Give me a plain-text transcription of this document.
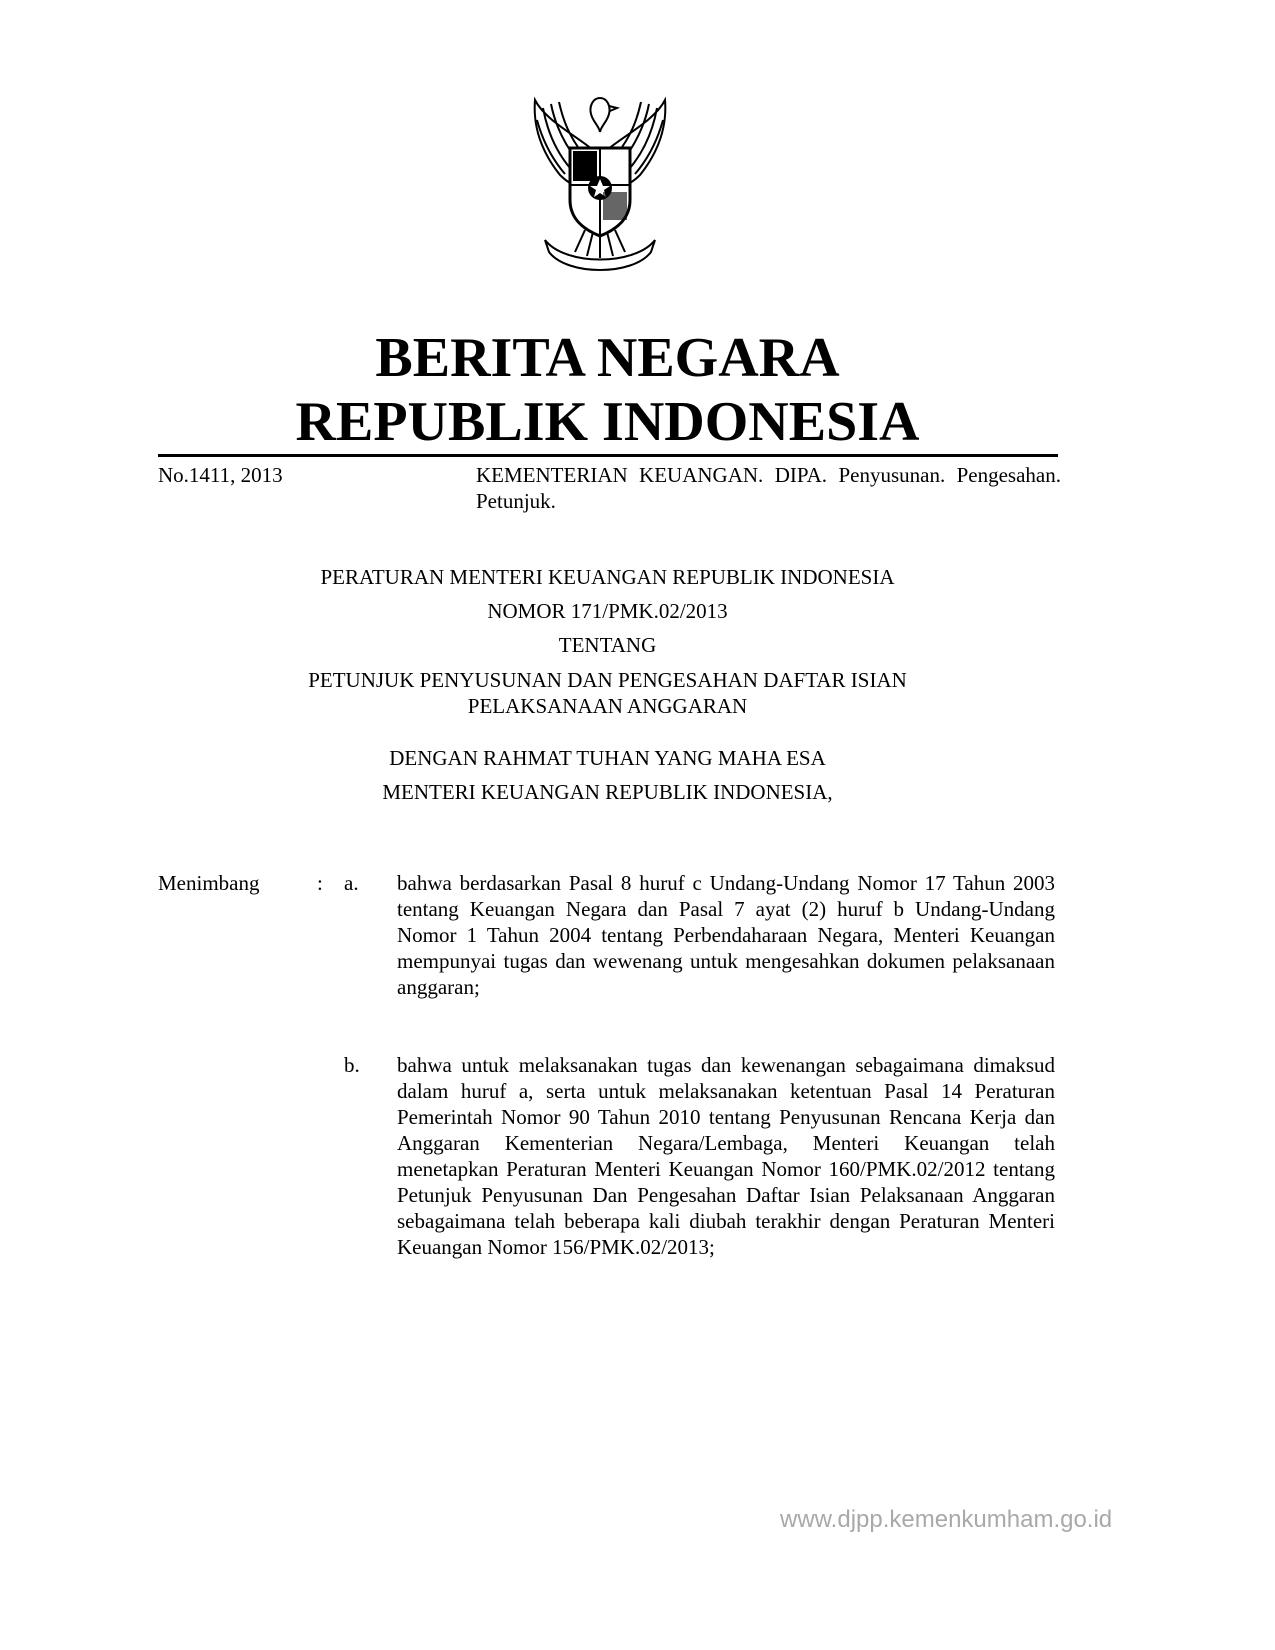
BERITA NEGARA
REPUBLIK INDONESIA
No.1411, 2013	KEMENTERIAN KEUANGAN. DIPA. Penyusunan. Pengesahan. Petunjuk.
PERATURAN MENTERI KEUANGAN REPUBLIK INDONESIA
NOMOR 171/PMK.02/2013
TENTANG
PETUNJUK PENYUSUNAN DAN PENGESAHAN DAFTAR ISIAN
PELAKSANAAN ANGGARAN
DENGAN RAHMAT TUHAN YANG MAHA ESA
MENTERI KEUANGAN REPUBLIK INDONESIA,
Menimbang	: a. bahwa berdasarkan Pasal 8 huruf c Undang-Undang Nomor 17 Tahun 2003 tentang Keuangan Negara dan Pasal 7 ayat (2) huruf b Undang-Undang Nomor 1 Tahun 2004 tentang Perbendaharaan Negara, Menteri Keuangan mempunyai tugas dan wewenang untuk mengesahkan dokumen pelaksanaan anggaran;

b. bahwa untuk melaksanakan tugas dan kewenangan sebagaimana dimaksud dalam huruf a, serta untuk melaksanakan ketentuan Pasal 14 Peraturan Pemerintah Nomor 90 Tahun 2010 tentang Penyusunan Rencana Kerja dan Anggaran Kementerian Negara/Lembaga, Menteri Keuangan telah menetapkan Peraturan Menteri Keuangan Nomor 160/PMK.02/2012 tentang Petunjuk Penyusunan Dan Pengesahan Daftar Isian Pelaksanaan Anggaran sebagaimana telah beberapa kali diubah terakhir dengan Peraturan Menteri Keuangan Nomor 156/PMK.02/2013;

www.djpp.kemenkumham.go.id
